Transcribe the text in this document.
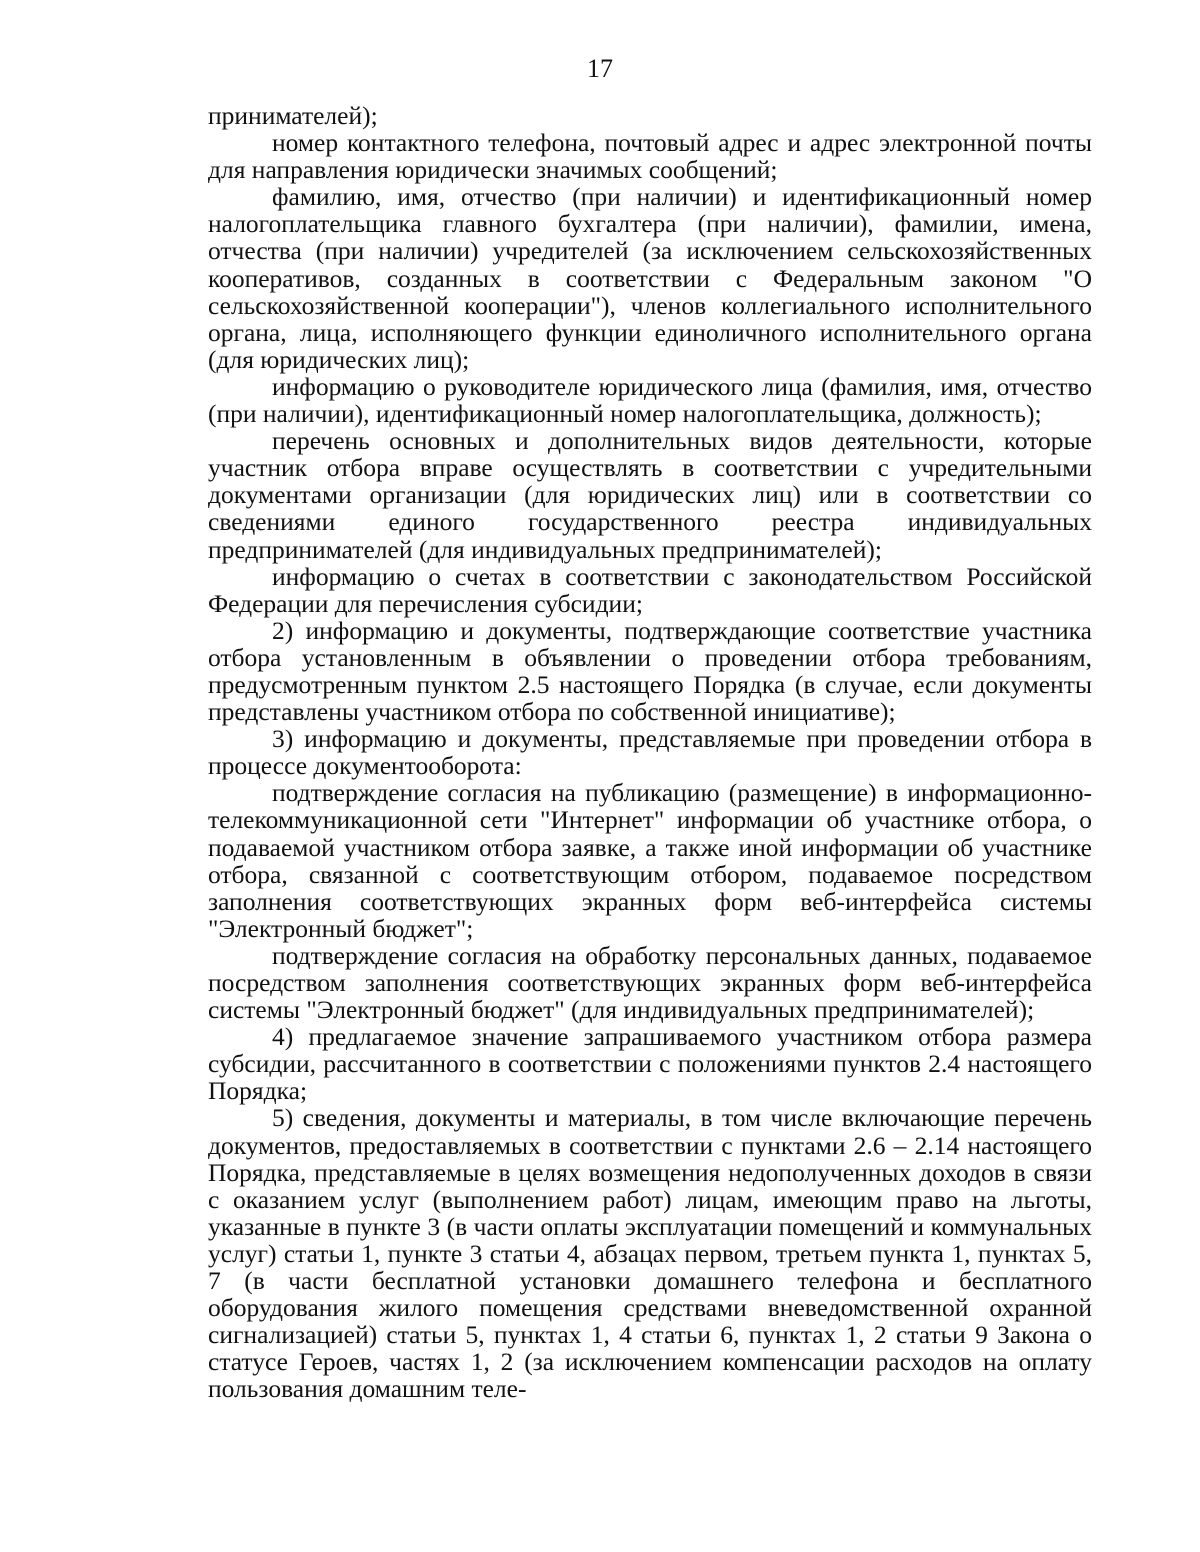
17

принимателей);

номер контактного телефона, почтовый адрес и адрес электронной почты для направления юридически значимых сообщений;

фамилию, имя, отчество (при наличии) и идентификационный номер налогоплательщика главного бухгалтера (при наличии), фамилии, имена, отчества (при наличии) учредителей (за исключением сельскохозяйственных кооперативов, созданных в соответствии с Федеральным законом "О сельскохозяйственной кооперации"), членов коллегиального исполнительного органа, лица, исполняющего функции единоличного исполнительного органа (для юридических лиц);

информацию о руководителе юридического лица (фамилия, имя, отчество (при наличии), идентификационный номер налогоплательщика, должность);

перечень основных и дополнительных видов деятельности, которые участник отбора вправе осуществлять в соответствии с учредительными документами организации (для юридических лиц) или в соответствии со сведениями единого государственного реестра индивидуальных предпринимателей (для индивидуальных предпринимателей);

информацию о счетах в соответствии с законодательством Российской Федерации для перечисления субсидии;

2) информацию и документы, подтверждающие соответствие участника отбора установленным в объявлении о проведении отбора требованиям, предусмотренным пунктом 2.5 настоящего Порядка (в случае, если документы представлены участником отбора по собственной инициативе);

3) информацию и документы, представляемые при проведении отбора в процессе документооборота:

подтверждение согласия на публикацию (размещение) в информационно-телекоммуникационной сети "Интернет" информации об участнике отбора, о подаваемой участником отбора заявке, а также иной информации об участнике отбора, связанной с соответствующим отбором, подаваемое посредством заполнения соответствующих экранных форм веб-интерфейса системы "Электронный бюджет";

подтверждение согласия на обработку персональных данных, подаваемое посредством заполнения соответствующих экранных форм веб-интерфейса системы "Электронный бюджет" (для индивидуальных предпринимателей);

4) предлагаемое значение запрашиваемого участником отбора размера субсидии, рассчитанного в соответствии с положениями пунктов 2.4 настоящего Порядка;

5) сведения, документы и материалы, в том числе включающие перечень документов, предоставляемых в соответствии с пунктами 2.6 – 2.14 настоящего Порядка, представляемые в целях возмещения недополученных доходов в связи с оказанием услуг (выполнением работ) лицам, имеющим право на льготы, указанные в пункте 3 (в части оплаты эксплуатации помещений и коммунальных услуг) статьи 1, пункте 3 статьи 4, абзацах первом, третьем пункта 1, пунктах 5, 7 (в части бесплатной установки домашнего телефона и бесплатного оборудования жилого помещения средствами вневедомственной охранной сигнализацией) статьи 5, пунктах 1, 4 статьи 6, пунктах 1, 2 статьи 9 Закона о статусе Героев, частях 1, 2 (за исключением компенсации расходов на оплату пользования домашним теле-
